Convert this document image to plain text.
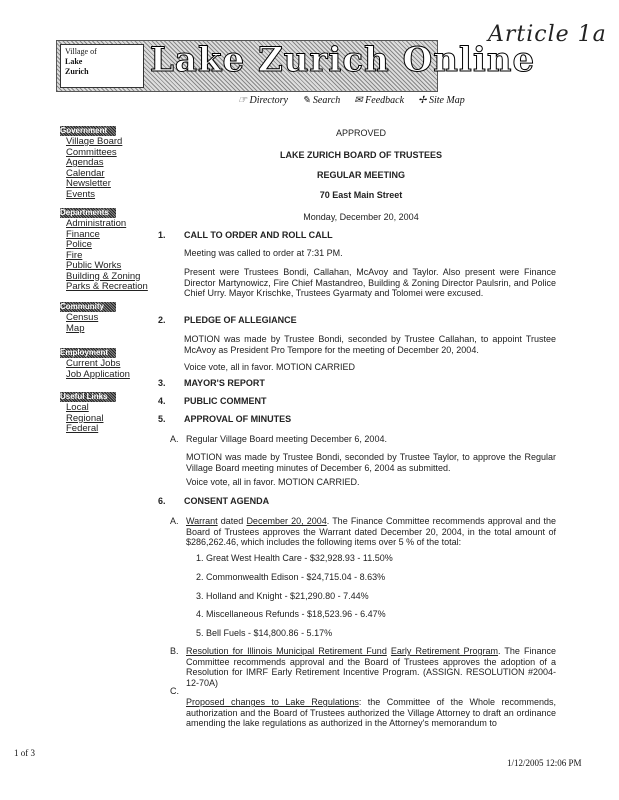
Article 1a
Village of
Lake
Zurich	Lake Zurich Online
☞ Directory ✎ Search ✉ Feedback ✢ Site Map
Government
Village Board
Committees
Agendas
Calendar
Newsletter
Events
Departments
Administration
Finance
Police
Fire
Public Works
Building & Zoning
Parks & Recreation
Community
Census
Map
Employment
Current Jobs
Job Application
Useful Links
Local
Regional
Federal
APPROVED
LAKE ZURICH BOARD OF TRUSTEES
REGULAR MEETING
70 East Main Street
Monday, December 20, 2004
1. CALL TO ORDER AND ROLL CALL
Meeting was called to order at 7:31 PM.
Present were Trustees Bondi, Callahan, McAvoy and Taylor. Also present were Finance Director Martynowicz, Fire Chief Mastandreo, Building & Zoning Director Paulsrin, and Police Chief Urry. Mayor Krischke, Trustees Gyarmaty and Tolomei were excused.
2. PLEDGE OF ALLEGIANCE
MOTION was made by Trustee Bondi, seconded by Trustee Callahan, to appoint Trustee McAvoy as President Pro Tempore for the meeting of December 20, 2004.
Voice vote, all in favor. MOTION CARRIED
3. MAYOR'S REPORT
4. PUBLIC COMMENT
5. APPROVAL OF MINUTES
A. Regular Village Board meeting December 6, 2004.
MOTION was made by Trustee Bondi, seconded by Trustee Taylor, to approve the Regular Village Board meeting minutes of December 6, 2004 as submitted.
Voice vote, all in favor. MOTION CARRIED.
6. CONSENT AGENDA
A. Warrant dated December 20, 2004. The Finance Committee recommends approval and the Board of Trustees approves the Warrant dated December 20, 2004, in the total amount of $286,262.46, which includes the following items over 5 % of the total:
1. Great West Health Care - $32,928.93 - 11.50%
2. Commonwealth Edison - $24,715.04 - 8.63%
3. Holland and Knight - $21,290.80 - 7.44%
4. Miscellaneous Refunds - $18,523.96 - 6.47%
5. Bell Fuels - $14,800.86 - 5.17%
B. Resolution for Illinois Municipal Retirement Fund Early Retirement Program. The Finance Committee recommends approval and the Board of Trustees approves the adoption of a Resolution for IMRF Early Retirement Incentive Program. (ASSIGN. RESOLUTION #2004-12-70A)
C.
Proposed changes to Lake Regulations: the Committee of the Whole recommends, authorization and the Board of Trustees authorized the Village Attorney to draft an ordinance amending the lake regulations as authorized in the Attorney's memorandum to
1 of 3
1/12/2005 12:06 PM
